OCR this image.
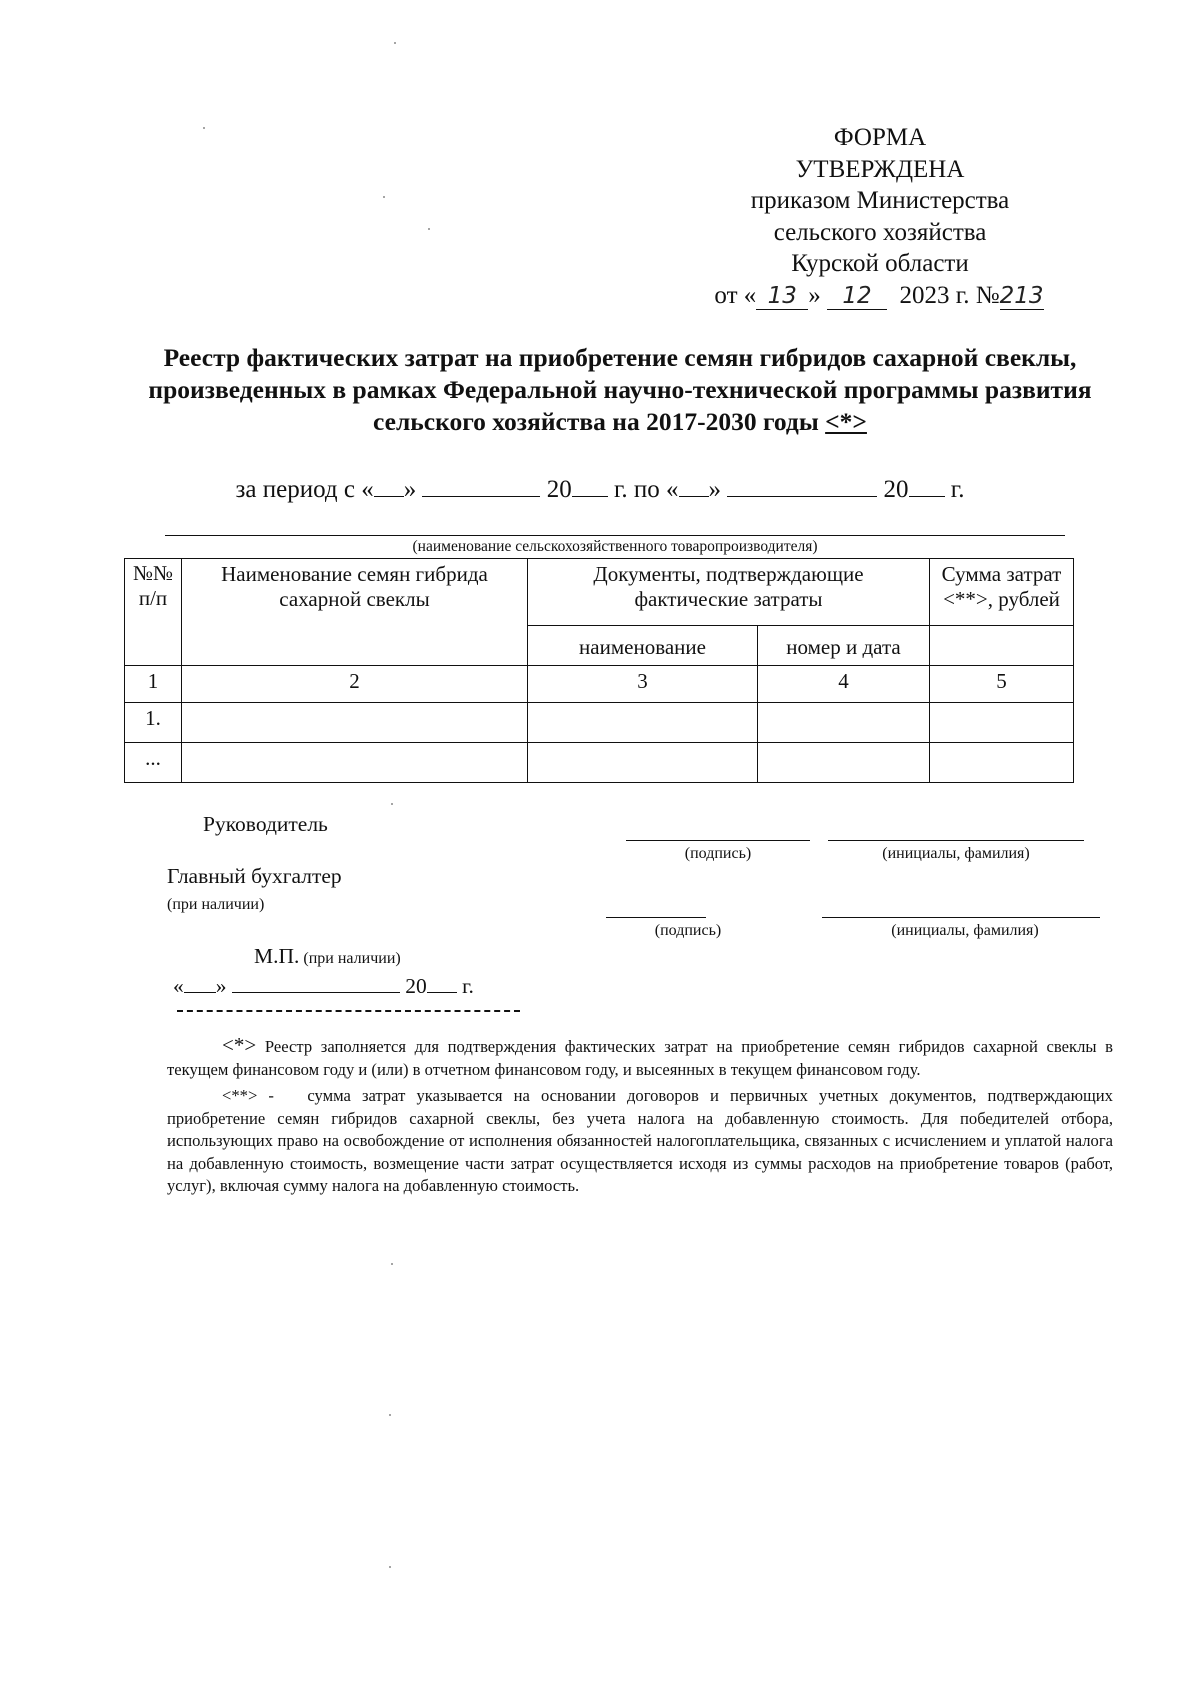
ФОРМА
УТВЕРЖДЕНА
приказом Министерства
сельского хозяйства
Курской области
от « 13 » 12 2023 г. №213
Реестр фактических затрат на приобретение семян гибридов сахарной свеклы, произведенных в рамках Федеральной научно-технической программы развития сельского хозяйства на 2017-2030 годы <*>
за период с « »	20 г. по « »	20 г.
(наименование сельскохозяйственного товаропроизводителя)
№№ п/п	Наименование семян гибрида сахарной свеклы	Документы, подтверждающие фактические затраты		Сумма затрат <**>, рублей
		наименование	номер и дата	
1	2	3	4	5
1.				
...				
Руководитель
(подпись)	(инициалы, фамилия)
Главный бухгалтер
(при наличии)
(подпись)	(инициалы, фамилия)
М.П. (при наличии)
« »	20 г.

<*> Реестр заполняется для подтверждения фактических затрат на приобретение семян гибридов сахарной свеклы в текущем финансовом году и (или) в отчетном финансовом году, и высеянных в текущем финансовом году.

<**> - сумма затрат указывается на основании договоров и первичных учетных документов, подтверждающих приобретение семян гибридов сахарной свеклы, без учета налога на добавленную стоимость. Для победителей отбора, использующих право на освобождение от исполнения обязанностей налогоплательщика, связанных с исчислением и уплатой налога на добавленную стоимость, возмещение части затрат осуществляется исходя из суммы расходов на приобретение товаров (работ, услуг), включая сумму налога на добавленную стоимость.
